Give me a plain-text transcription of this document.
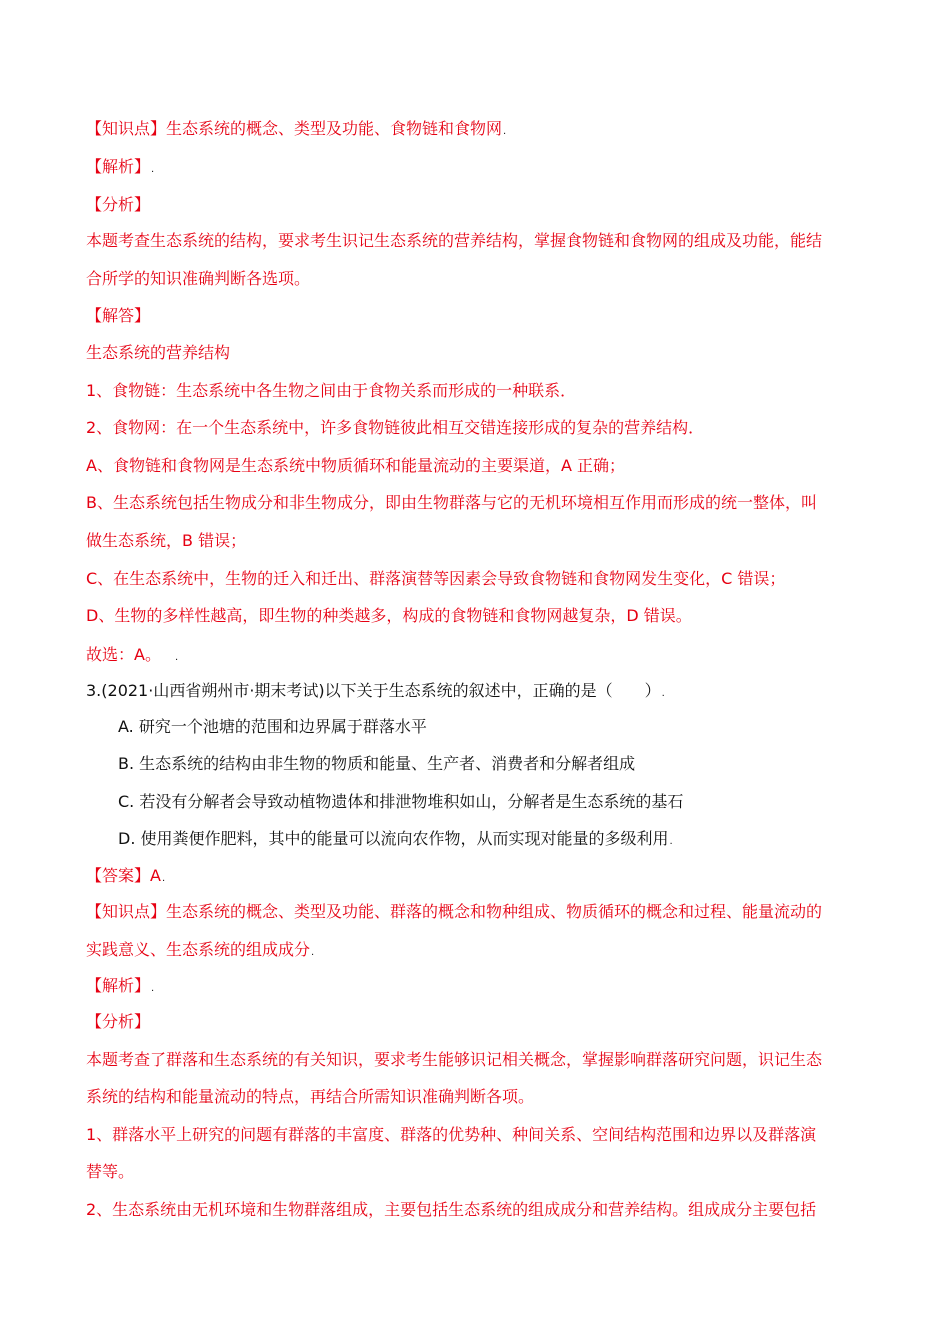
【知识点】生态系统的概念、类型及功能、食物链和食物网.
【解析】.
【分析】
本题考查生态系统的结构，要求考生识记生态系统的营养结构，掌握食物链和食物网的组成及功能，能结
合所学的知识准确判断各选项。
【解答】
生态系统的营养结构
1、食物链：生态系统中各生物之间由于食物关系而形成的一种联系．
2、食物网：在一个生态系统中，许多食物链彼此相互交错连接形成的复杂的营养结构．
A、食物链和食物网是生态系统中物质循环和能量流动的主要渠道，A 正确；
B、生态系统包括生物成分和非生物成分，即由生物群落与它的无机环境相互作用而形成的统一整体，叫
做生态系统，B 错误；
C、在生态系统中，生物的迁入和迁出、群落演替等因素会导致食物链和食物网发生变化，C 错误；
D、生物的多样性越高，即生物的种类越多，构成的食物链和食物网越复杂，D 错误。
故选：A。 .
3.(2021·山西省朔州市·期末考试)以下关于生态系统的叙述中，正确的是（　　）.
A. 研究一个池塘的范围和边界属于群落水平
B. 生态系统的结构由非生物的物质和能量、生产者、消费者和分解者组成
C. 若没有分解者会导致动植物遗体和排泄物堆积如山，分解者是生态系统的基石
D. 使用粪便作肥料，其中的能量可以流向农作物，从而实现对能量的多级利用.
【答案】A.
【知识点】生态系统的概念、类型及功能、群落的概念和物种组成、物质循环的概念和过程、能量流动的
实践意义、生态系统的组成成分.
【解析】.
【分析】
本题考查了群落和生态系统的有关知识，要求考生能够识记相关概念，掌握影响群落研究问题，识记生态
系统的结构和能量流动的特点，再结合所需知识准确判断各项。
1、群落水平上研究的问题有群落的丰富度、群落的优势种、种间关系、空间结构范围和边界以及群落演
替等。
2、生态系统由无机环境和生物群落组成，主要包括生态系统的组成成分和营养结构。组成成分主要包括
